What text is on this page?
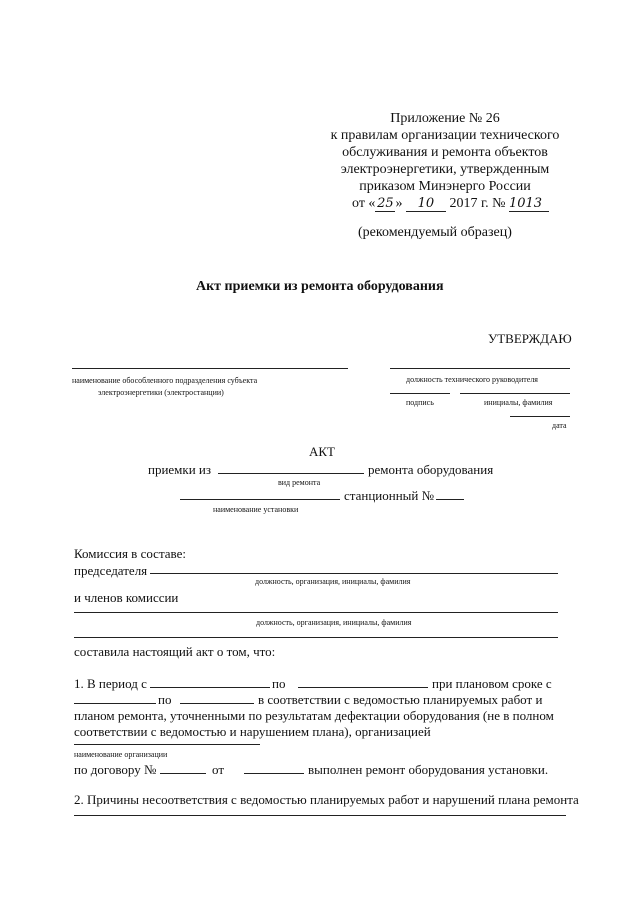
Приложение № 26
к правилам организации технического
обслуживания и ремонта объектов
электроэнергетики, утвержденным
приказом Минэнерго России
от « 25 » 10 2017 г. № 1013
(рекомендуемый образец)
Акт приемки из ремонта оборудования
УТВЕРЖДАЮ
наименование обособленного подразделения субъекта
электроэнергетики (электростанции)
должность технического руководителя
подпись	инициалы, фамилия
дата
АКТ
приемки из	ремонта оборудования
вид ремонта
станционный №
наименование установки
Комиссия в составе:
председателя
должность, организация, инициалы, фамилия
и членов комиссии
должность, организация, инициалы, фамилия
составила настоящий акт о том, что:
1. В период с	по	при плановом сроке с
по	в соответствии с ведомостью планируемых работ и
планом ремонта, уточненными по результатам дефектации оборудования (не в полном
соответствии с ведомостью и нарушением плана), организацией
наименование организации
по договору №	от	выполнен ремонт оборудования установки.
2. Причины несоответствия с ведомостью планируемых работ и нарушений плана ремонта
